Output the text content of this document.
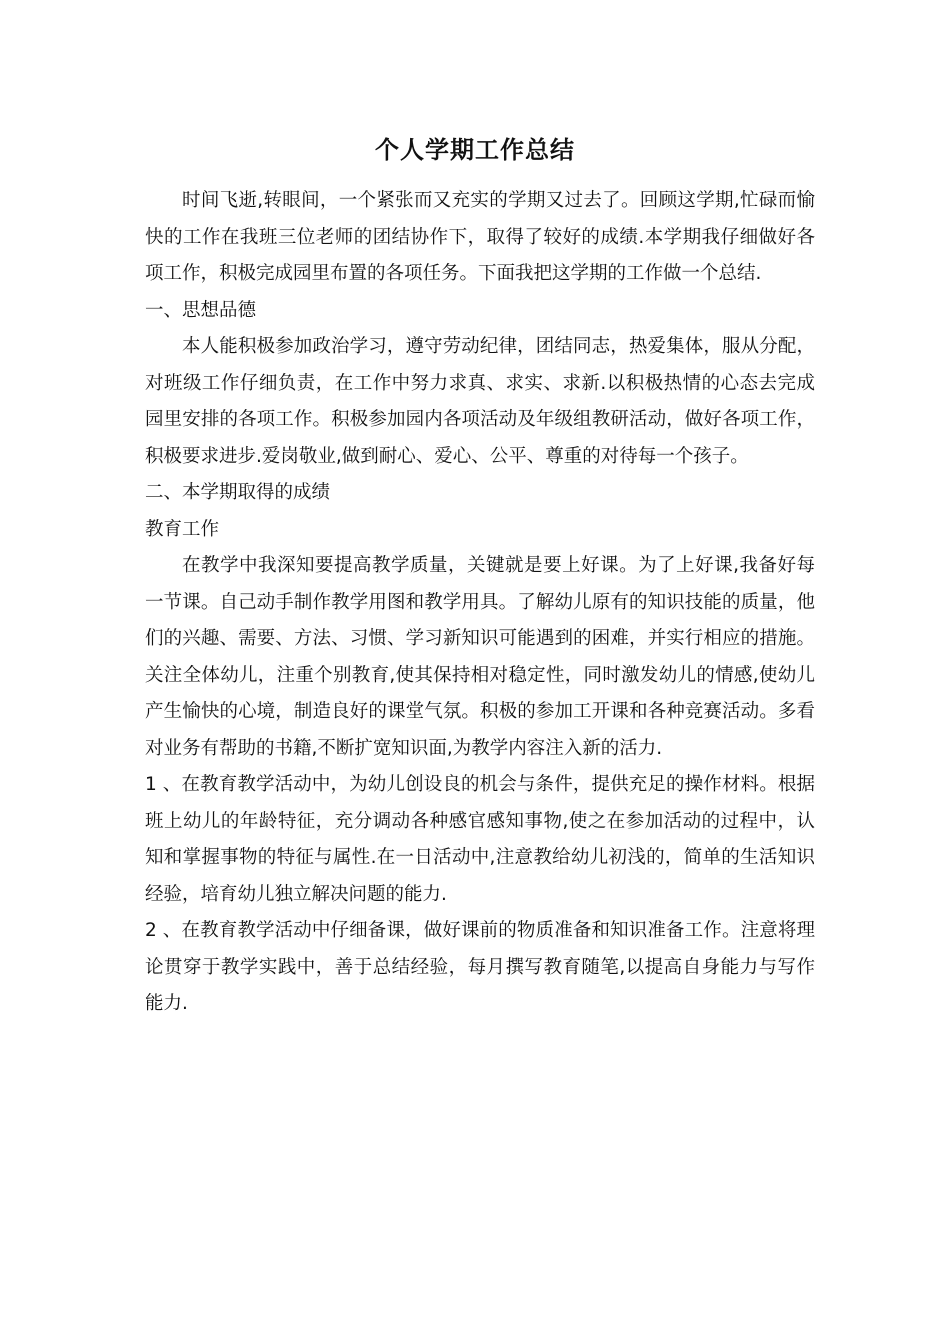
个人学期工作总结

时间飞逝,转眼间，一个紧张而又充实的学期又过去了。回顾这学期,忙碌而愉快的工作在我班三位老师的团结协作下，取得了较好的成绩.本学期我仔细做好各项工作，积极完成园里布置的各项任务。下面我把这学期的工作做一个总结.

一、思想品德

本人能积极参加政治学习，遵守劳动纪律，团结同志，热爱集体，服从分配，对班级工作仔细负责，在工作中努力求真、求实、求新.以积极热情的心态去完成园里安排的各项工作。积极参加园内各项活动及年级组教研活动，做好各项工作，积极要求进步.爱岗敬业,做到耐心、爱心、公平、尊重的对待每一个孩子。

二、本学期取得的成绩

教育工作

在教学中我深知要提高教学质量，关键就是要上好课。为了上好课,我备好每一节课。自己动手制作教学用图和教学用具。了解幼儿原有的知识技能的质量，他们的兴趣、需要、方法、习惯、学习新知识可能遇到的困难，并实行相应的措施。关注全体幼儿，注重个别教育,使其保持相对稳定性，同时激发幼儿的情感,使幼儿产生愉快的心境，制造良好的课堂气氛。积极的参加工开课和各种竞赛活动。多看对业务有帮助的书籍,不断扩宽知识面,为教学内容注入新的活力.

1 、在教育教学活动中，为幼儿创设良的机会与条件，提供充足的操作材料。根据班上幼儿的年龄特征，充分调动各种感官感知事物,使之在参加活动的过程中，认知和掌握事物的特征与属性.在一日活动中,注意教给幼儿初浅的，简单的生活知识经验，培育幼儿独立解决问题的能力.

2 、在教育教学活动中仔细备课，做好课前的物质准备和知识准备工作。注意将理论贯穿于教学实践中，善于总结经验，每月撰写教育随笔,以提高自身能力与写作能力.
